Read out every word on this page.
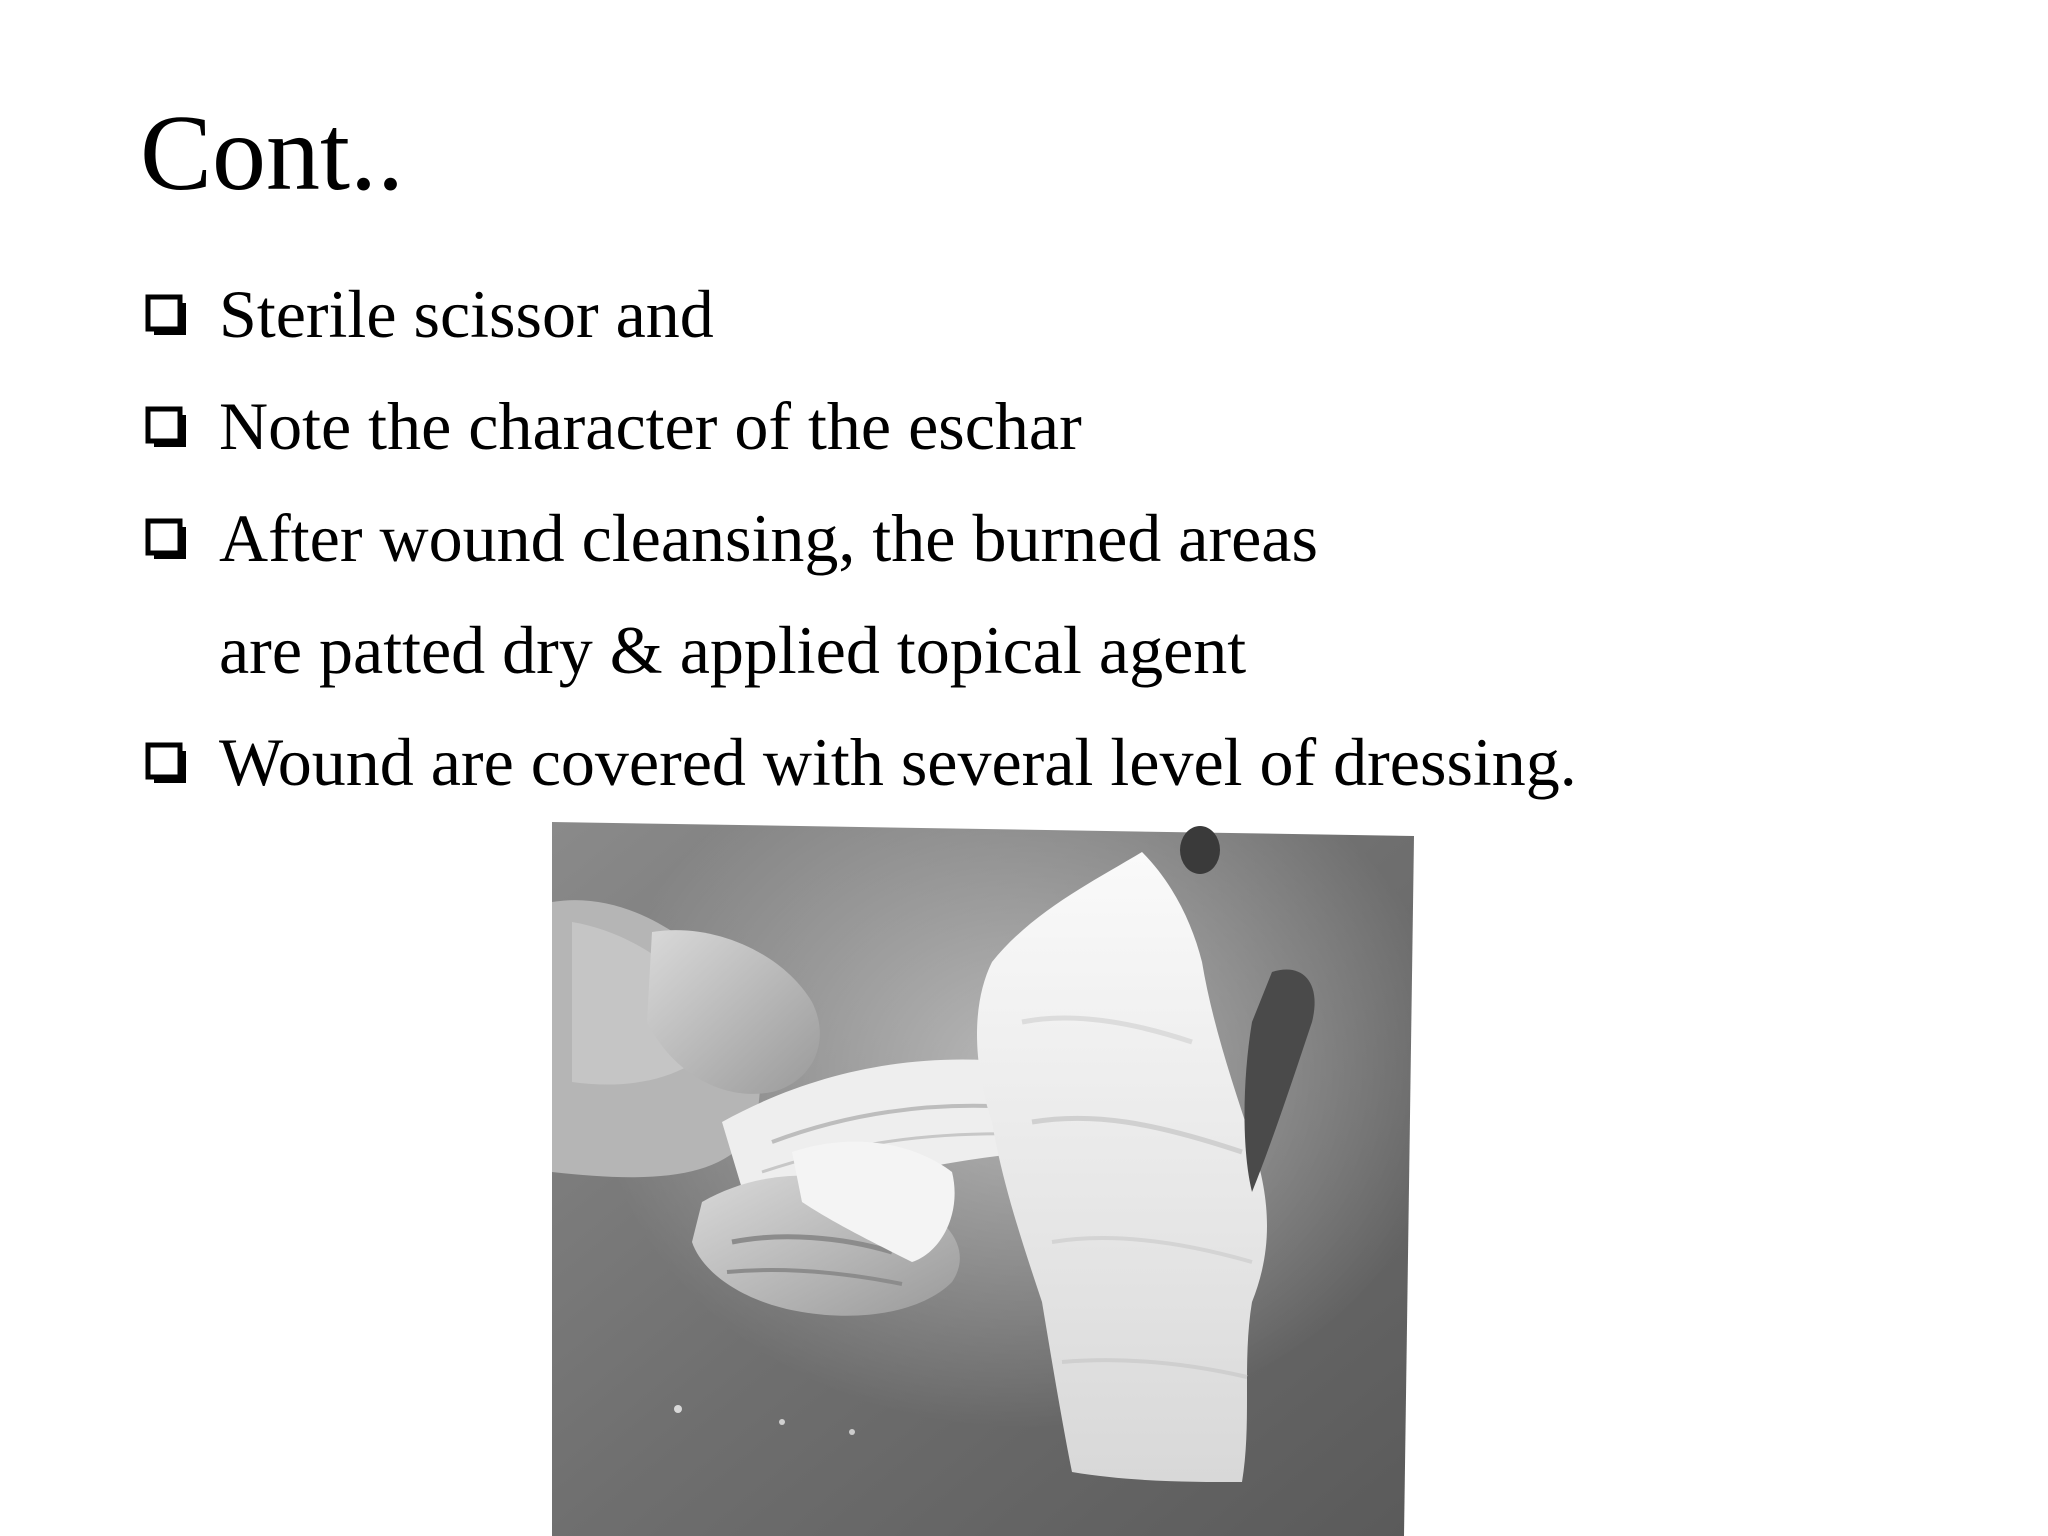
Cont..
Sterile scissor and
Note the character of the eschar
After wound cleansing, the burned areas
are patted dry & applied topical agent
Wound are covered with several level of dressing.
